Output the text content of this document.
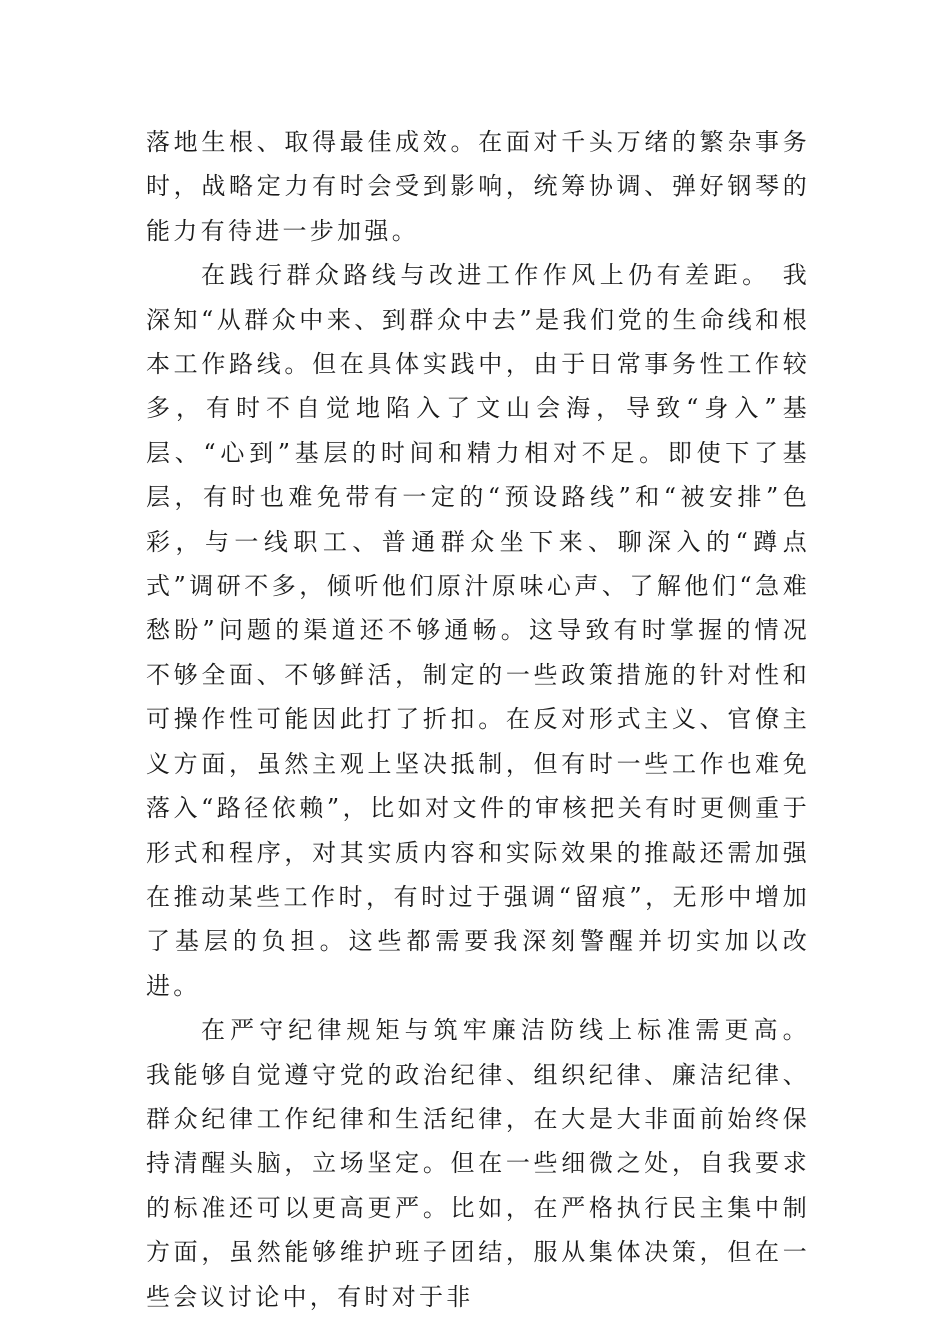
落地生根、取得最佳成效。在面对千头万绪的繁杂事务时，战略定力有时会受到影响，统筹协调、弹好钢琴的能力有待进一步加强。

在践行群众路线与改进工作作风上仍有差距。 我深知“从群众中来、到群众中去”是我们党的生命线和根本工作路线。但在具体实践中，由于日常事务性工作较多，有时不自觉地陷入了文山会海，导致“身入”基层、“心到”基层的时间和精力相对不足。即使下了基层，有时也难免带有一定的“预设路线”和“被安排”色彩，与一线职工、普通群众坐下来、聊深入的“蹲点式”调研不多，倾听他们原汁原味心声、了解他们“急难愁盼”问题的渠道还不够通畅。这导致有时掌握的情况不够全面、不够鲜活，制定的一些政策措施的针对性和可操作性可能因此打了折扣。在反对形式主义、官僚主义方面，虽然主观上坚决抵制，但有时一些工作也难免落入“路径依赖”，比如对文件的审核把关有时更侧重于形式和程序，对其实质内容和实际效果的推敲还需加强在推动某些工作时，有时过于强调“留痕”，无形中增加了基层的负担。这些都需要我深刻警醒并切实加以改进。

在严守纪律规矩与筑牢廉洁防线上标准需更高。 我能够自觉遵守党的政治纪律、组织纪律、廉洁纪律、群众纪律工作纪律和生活纪律，在大是大非面前始终保持清醒头脑，立场坚定。但在一些细微之处，自我要求的标准还可以更高更严。比如，在严格执行民主集中制方面，虽然能够维护班子团结，服从集体决策，但在一些会议讨论中，有时对于非
